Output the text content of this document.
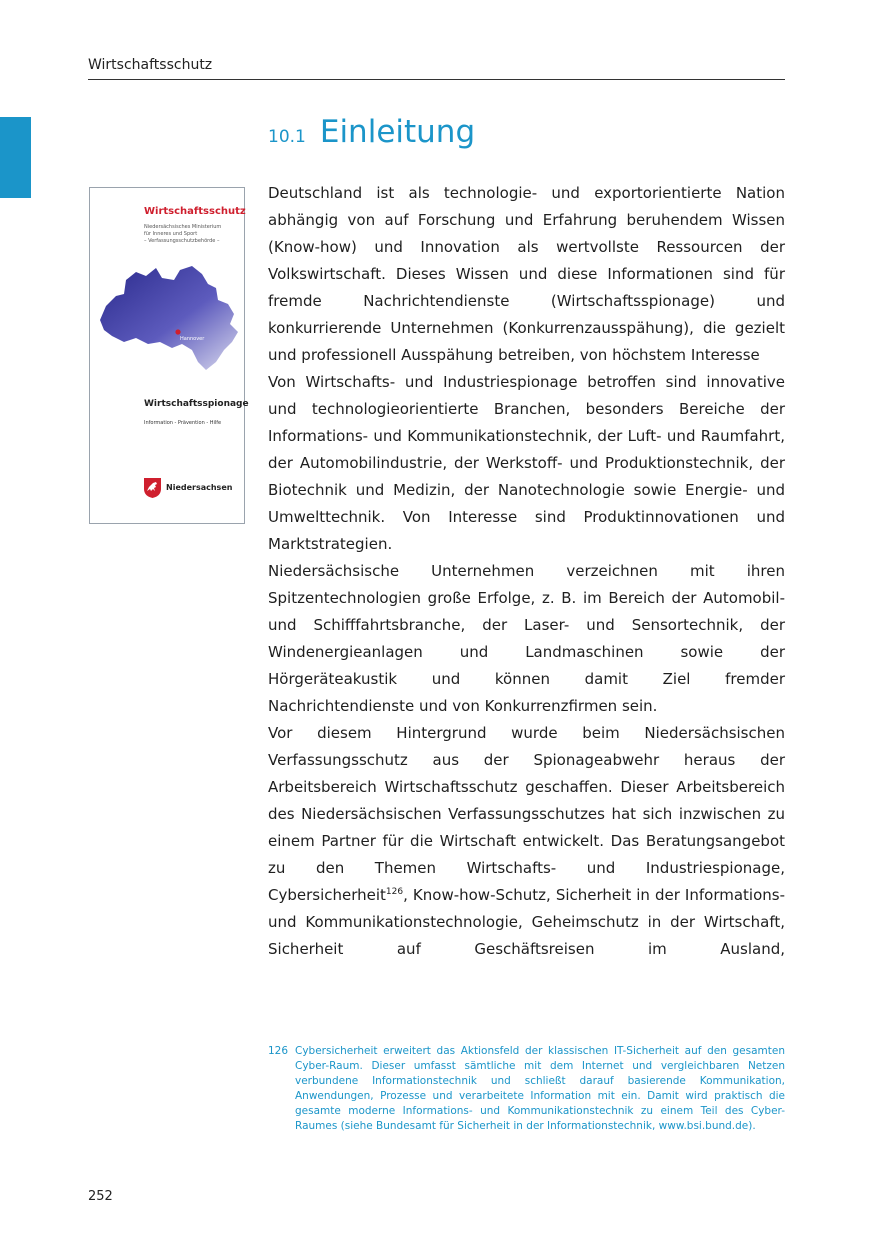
Wirtschaftsschutz
10.1 Einleitung
Wirtschaftsschutz
Niedersächsisches Ministerium
für Inneres und Sport
– Verfassungsschutzbehörde –
Hannover
Wirtschaftsspionage
Information - Prävention - Hilfe
Niedersachsen

Deutschland ist als technologie- und exportorientierte Nation abhängig von auf Forschung und Erfahrung beruhendem Wissen (Know-how) und Innovation als wertvollste Ressourcen der Volkswirtschaft. Dieses Wissen und diese Informationen sind für fremde Nachrichtendienste (Wirtschaftsspionage) und konkurrierende Unternehmen (Konkurrenzausspähung), die gezielt und professionell Ausspähung betreiben, von höchstem Interesse

Von Wirtschafts- und Industriespionage betroffen sind innovative und technologieorientierte Branchen, besonders Bereiche der Informations- und Kommunikationstechnik, der Luft- und Raumfahrt, der Automobilindustrie, der Werkstoff- und Produktionstechnik, der Biotechnik und Medizin, der Nanotechnologie sowie Energie- und Umwelttechnik. Von Interesse sind Produktinnovationen und Marktstrategien.

Niedersächsische Unternehmen verzeichnen mit ihren Spitzentechnologien große Erfolge, z. B. im Bereich der Automobil- und Schifffahrtsbranche, der Laser- und Sensortechnik, der Windenergieanlagen und Landmaschinen sowie der Hörgeräteakustik und können damit Ziel fremder Nachrichtendienste und von Konkurrenzfirmen sein.

Vor diesem Hintergrund wurde beim Niedersächsischen Verfassungsschutz aus der Spionageabwehr heraus der Arbeitsbereich Wirtschaftsschutz geschaffen. Dieser Arbeitsbereich des Niedersächsischen Verfassungsschutzes hat sich inzwischen zu einem Partner für die Wirtschaft entwickelt. Das Beratungsangebot zu den Themen Wirtschafts- und Industriespionage, Cybersicherheit$^{126}$, Know-how-Schutz, Sicherheit in der Informations- und Kommunikationstechnologie, Geheimschutz in der Wirtschaft, Sicherheit auf Geschäftsreisen im Ausland,

126 Cybersicherheit erweitert das Aktionsfeld der klassischen IT-Sicherheit auf den gesamten Cyber-Raum. Dieser umfasst sämtliche mit dem Internet und vergleichbaren Netzen verbundene Informationstechnik und schließt darauf basierende Kommunikation, Anwendungen, Prozesse und verarbeitete Information mit ein. Damit wird praktisch die gesamte moderne Informations- und Kommunikationstechnik zu einem Teil des Cyber-Raumes (siehe Bundesamt für Sicherheit in der Informationstechnik, www.bsi.bund.de).
252
